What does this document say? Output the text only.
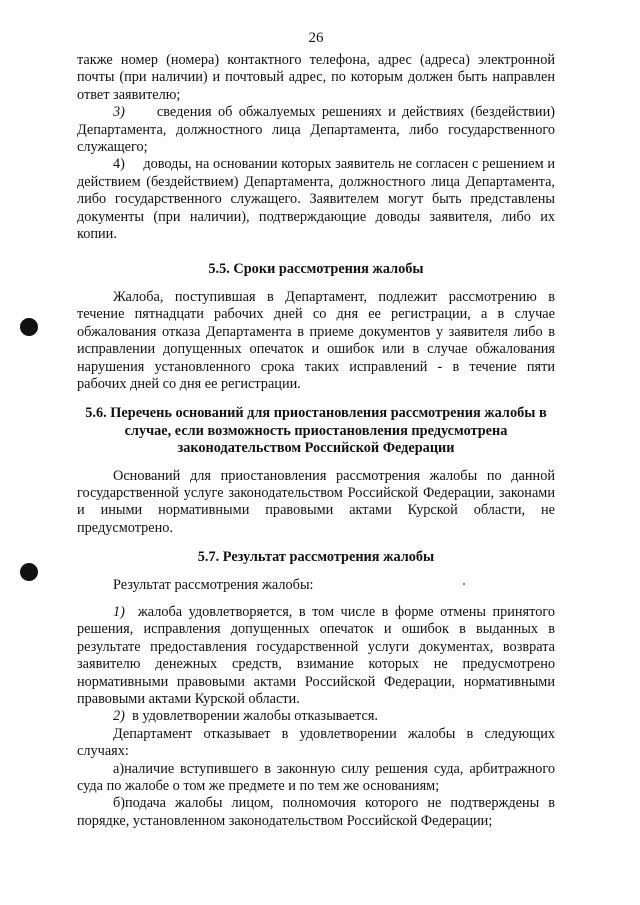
26

также номер (номера) контактного телефона, адрес (адреса) электронной почты (при наличии) и почтовый адрес, по которым должен быть направлен ответ заявителю;

3) сведения об обжалуемых решениях и действиях (бездействии) Департамента, должностного лица Департамента, либо государственного служащего;

4) доводы, на основании которых заявитель не согласен с решением и действием (бездействием) Департамента, должностного лица Департамента, либо государственного служащего. Заявителем могут быть представлены документы (при наличии), подтверждающие доводы заявителя, либо их копии.

5.5. Сроки рассмотрения жалобы

Жалоба, поступившая в Департамент, подлежит рассмотрению в течение пятнадцати рабочих дней со дня ее регистрации, а в случае обжалования отказа Департамента в приеме документов у заявителя либо в исправлении допущенных опечаток и ошибок или в случае обжалования нарушения установленного срока таких исправлений - в течение пяти рабочих дней со дня ее регистрации.

5.6. Перечень оснований для приостановления рассмотрения жалобы в случае, если возможность приостановления предусмотрена законодательством Российской Федерации

Оснований для приостановления рассмотрения жалобы по данной государственной услуге законодательством Российской Федерации, законами и иными нормативными правовыми актами Курской области, не предусмотрено.

5.7. Результат рассмотрения жалобы

Результат рассмотрения жалобы:

1) жалоба удовлетворяется, в том числе в форме отмены принятого решения, исправления допущенных опечаток и ошибок в выданных в результате предоставления государственной услуги документах, возврата заявителю денежных средств, взимание которых не предусмотрено нормативными правовыми актами Российской Федерации, нормативными правовыми актами Курской области.

2) в удовлетворении жалобы отказывается.

Департамент отказывает в удовлетворении жалобы в следующих случаях:

а)наличие вступившего в законную силу решения суда, арбитражного суда по жалобе о том же предмете и по тем же основаниям;

б)подача жалобы лицом, полномочия которого не подтверждены в порядке, установленном законодательством Российской Федерации;
